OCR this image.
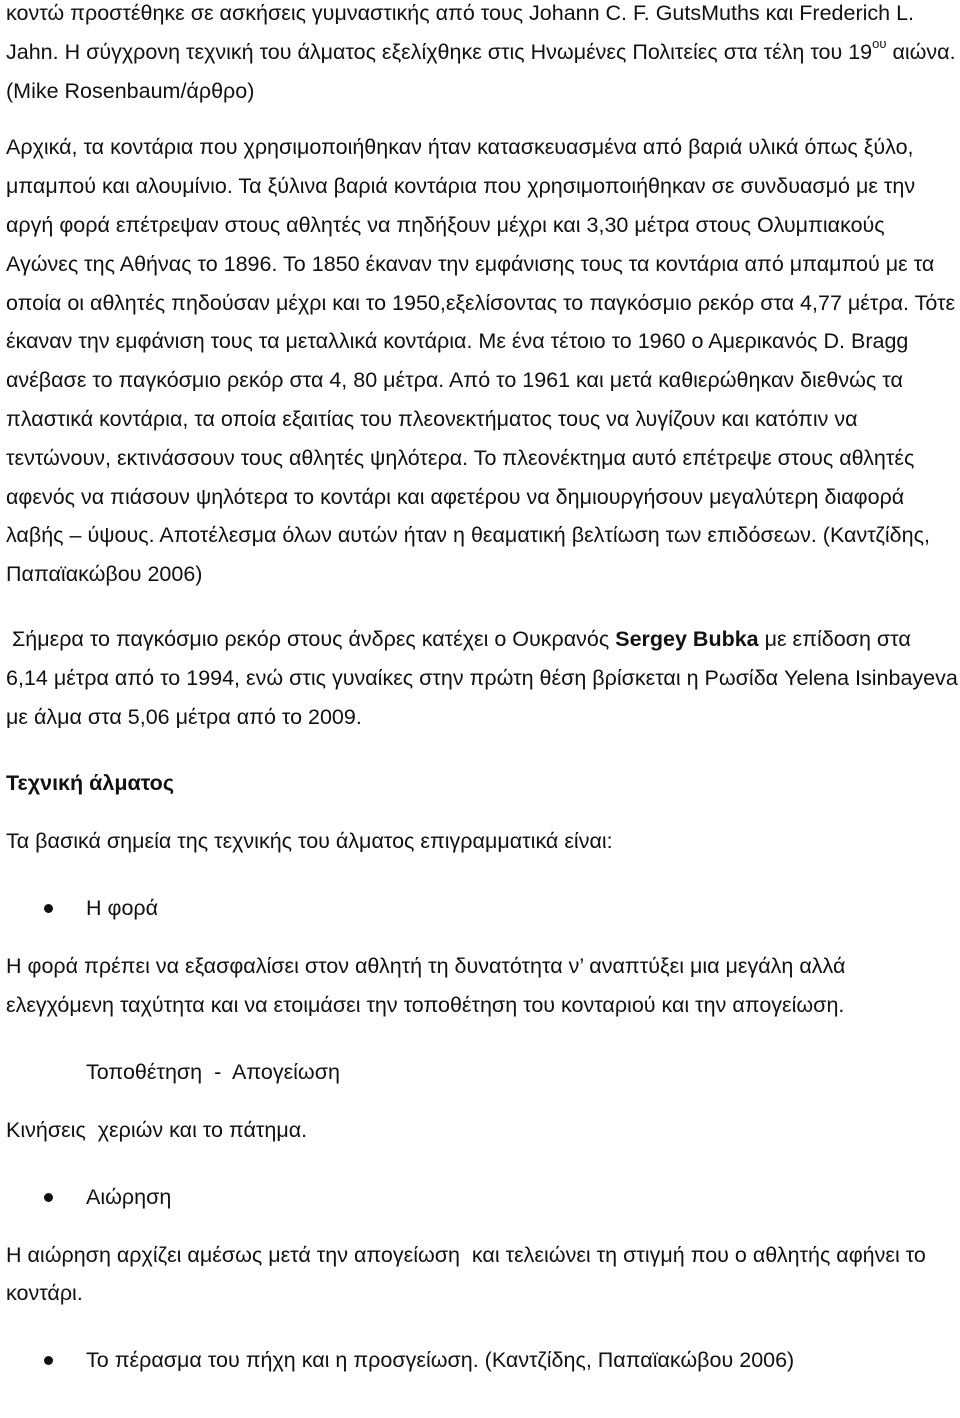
κοντώ προστέθηκε σε ασκήσεις γυμναστικής από τους Johann C. F. GutsMuths και Frederich L. Jahn. Η σύγχρονη τεχνική του άλματος εξελίχθηκε στις Ηνωμένες Πολιτείες στα τέλη του $19^{o\upsilon}$ αιώνα. (Mike Rosenbaum/άρθρο)

Αρχικά, τα κοντάρια που χρησιμοποιήθηκαν ήταν κατασκευασμένα από βαριά υλικά όπως ξύλο, μπαμπού και αλουμίνιο. Τα ξύλινα βαριά κοντάρια που χρησιμοποιήθηκαν σε συνδυασμό με την αργή φορά επέτρεψαν στους αθλητές να πηδήξουν μέχρι και 3,30 μέτρα στους Ολυμπιακούς Αγώνες της Αθήνας το 1896. Το 1850 έκαναν την εμφάνισης τους τα κοντάρια από μπαμπού με τα οποία οι αθλητές πηδούσαν μέχρι και το 1950,εξελίσοντας το παγκόσμιο ρεκόρ στα 4,77 μέτρα. Τότε έκαναν την εμφάνιση τους τα μεταλλικά κοντάρια. Με ένα τέτοιο το 1960 ο Αμερικανός D. Bragg ανέβασε το παγκόσμιο ρεκόρ στα 4, 80 μέτρα. Από το 1961 και μετά καθιερώθηκαν διεθνώς τα πλαστικά κοντάρια, τα οποία εξαιτίας του πλεονεκτήματος τους να λυγίζουν και κατόπιν να τεντώνουν, εκτινάσσουν τους αθλητές ψηλότερα. Το πλεονέκτημα αυτό επέτρεψε στους αθλητές αφενός να πιάσουν ψηλότερα το κοντάρι και αφετέρου να δημιουργήσουν μεγαλύτερη διαφορά λαβής – ύψους. Αποτέλεσμα όλων αυτών ήταν η θεαματική βελτίωση των επιδόσεων. (Καντζίδης, Παπαϊακώβου 2006)

Σήμερα το παγκόσμιο ρεκόρ στους άνδρες κατέχει ο Ουκρανός Sergey Bubka με επίδοση στα 6,14 μέτρα από το 1994, ενώ στις γυναίκες στην πρώτη θέση βρίσκεται η Ρωσίδα Yelena Isinbayeva με άλμα στα 5,06 μέτρα από το 2009.

Τεχνική άλματος
Τα βασικά σημεία της τεχνικής του άλματος επιγραμματικά είναι:
Η φορά
Η φορά πρέπει να εξασφαλίσει στον αθλητή τη δυνατότητα ν’ αναπτύξει μια μεγάλη αλλά ελεγχόμενη ταχύτητα και να ετοιμάσει την τοποθέτηση του κονταριού και την απογείωση.
Τοποθέτηση  -  Απογείωση
Κινήσεις  χεριών και το πάτημα.
Αιώρηση
Η αιώρηση αρχίζει αμέσως μετά την απογείωση  και τελειώνει τη στιγμή που ο αθλητής αφήνει το κοντάρι.
Το πέρασμα του πήχη και η προσγείωση. (Καντζίδης, Παπαϊακώβου 2006)
